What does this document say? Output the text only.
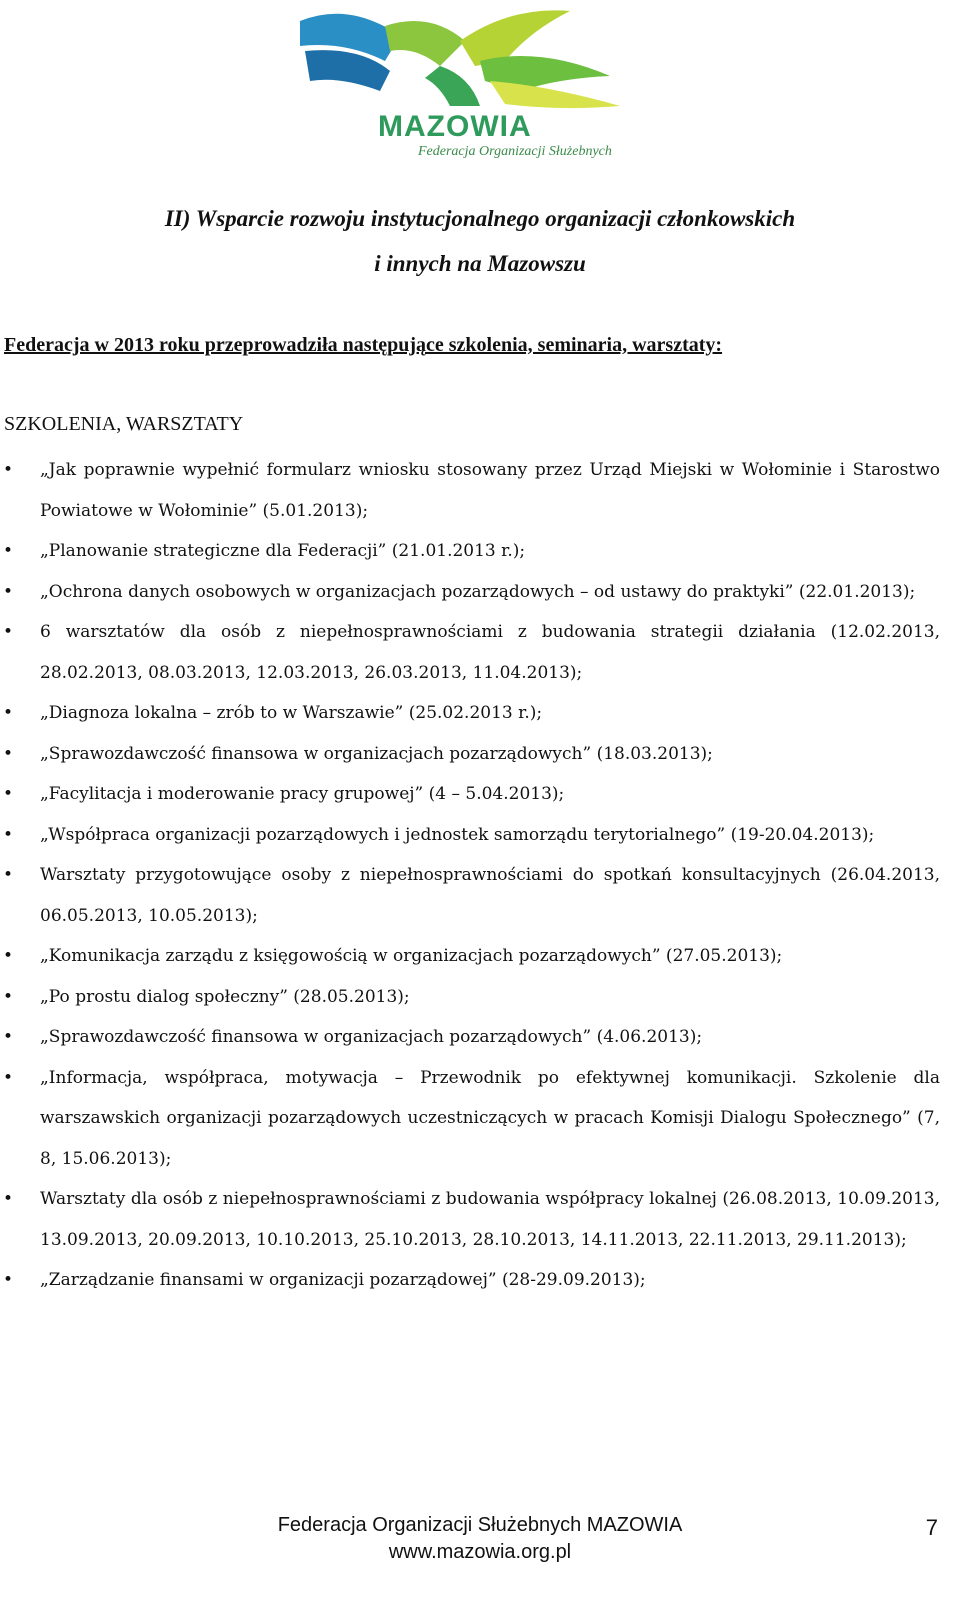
MAZOWIA
Federacja Organizacji Służebnych
II) Wsparcie rozwoju instytucjonalnego organizacji członkowskich
i innych na Mazowszu
Federacja w 2013 roku przeprowadziła następujące szkolenia, seminaria, warsztaty:
SZKOLENIA, WARSZTATY
• „Jak poprawnie wypełnić formularz wniosku stosowany przez Urząd Miejski w Wołominie i Starostwo Powiatowe w Wołominie” (5.01.2013);
• „Planowanie strategiczne dla Federacji” (21.01.2013 r.);
• „Ochrona danych osobowych w organizacjach pozarządowych – od ustawy do praktyki” (22.01.2013);
• 6 warsztatów dla osób z niepełnosprawnościami z budowania strategii działania (12.02.2013, 28.02.2013, 08.03.2013, 12.03.2013, 26.03.2013, 11.04.2013);
• „Diagnoza lokalna – zrób to w Warszawie” (25.02.2013 r.);
• „Sprawozdawczość finansowa w organizacjach pozarządowych” (18.03.2013);
• „Facylitacja i moderowanie pracy grupowej” (4 – 5.04.2013);
• „Współpraca organizacji pozarządowych i jednostek samorządu terytorialnego” (19-20.04.2013);
• Warsztaty przygotowujące osoby z niepełnosprawnościami do spotkań konsultacyjnych (26.04.2013, 06.05.2013, 10.05.2013);
• „Komunikacja zarządu z księgowością w organizacjach pozarządowych” (27.05.2013);
• „Po prostu dialog społeczny” (28.05.2013);
• „Sprawozdawczość finansowa w organizacjach pozarządowych” (4.06.2013);
• „Informacja, współpraca, motywacja – Przewodnik po efektywnej komunikacji. Szkolenie dla warszawskich organizacji pozarządowych uczestniczących w pracach Komisji Dialogu Społecznego” (7, 8, 15.06.2013);
• Warsztaty dla osób z niepełnosprawnościami z budowania współpracy lokalnej (26.08.2013, 10.09.2013, 13.09.2013, 20.09.2013, 10.10.2013, 25.10.2013, 28.10.2013, 14.11.2013, 22.11.2013, 29.11.2013);
• „Zarządzanie finansami w organizacji pozarządowej” (28-29.09.2013);
Federacja Organizacji Służebnych MAZOWIA
www.mazowia.org.pl
7
